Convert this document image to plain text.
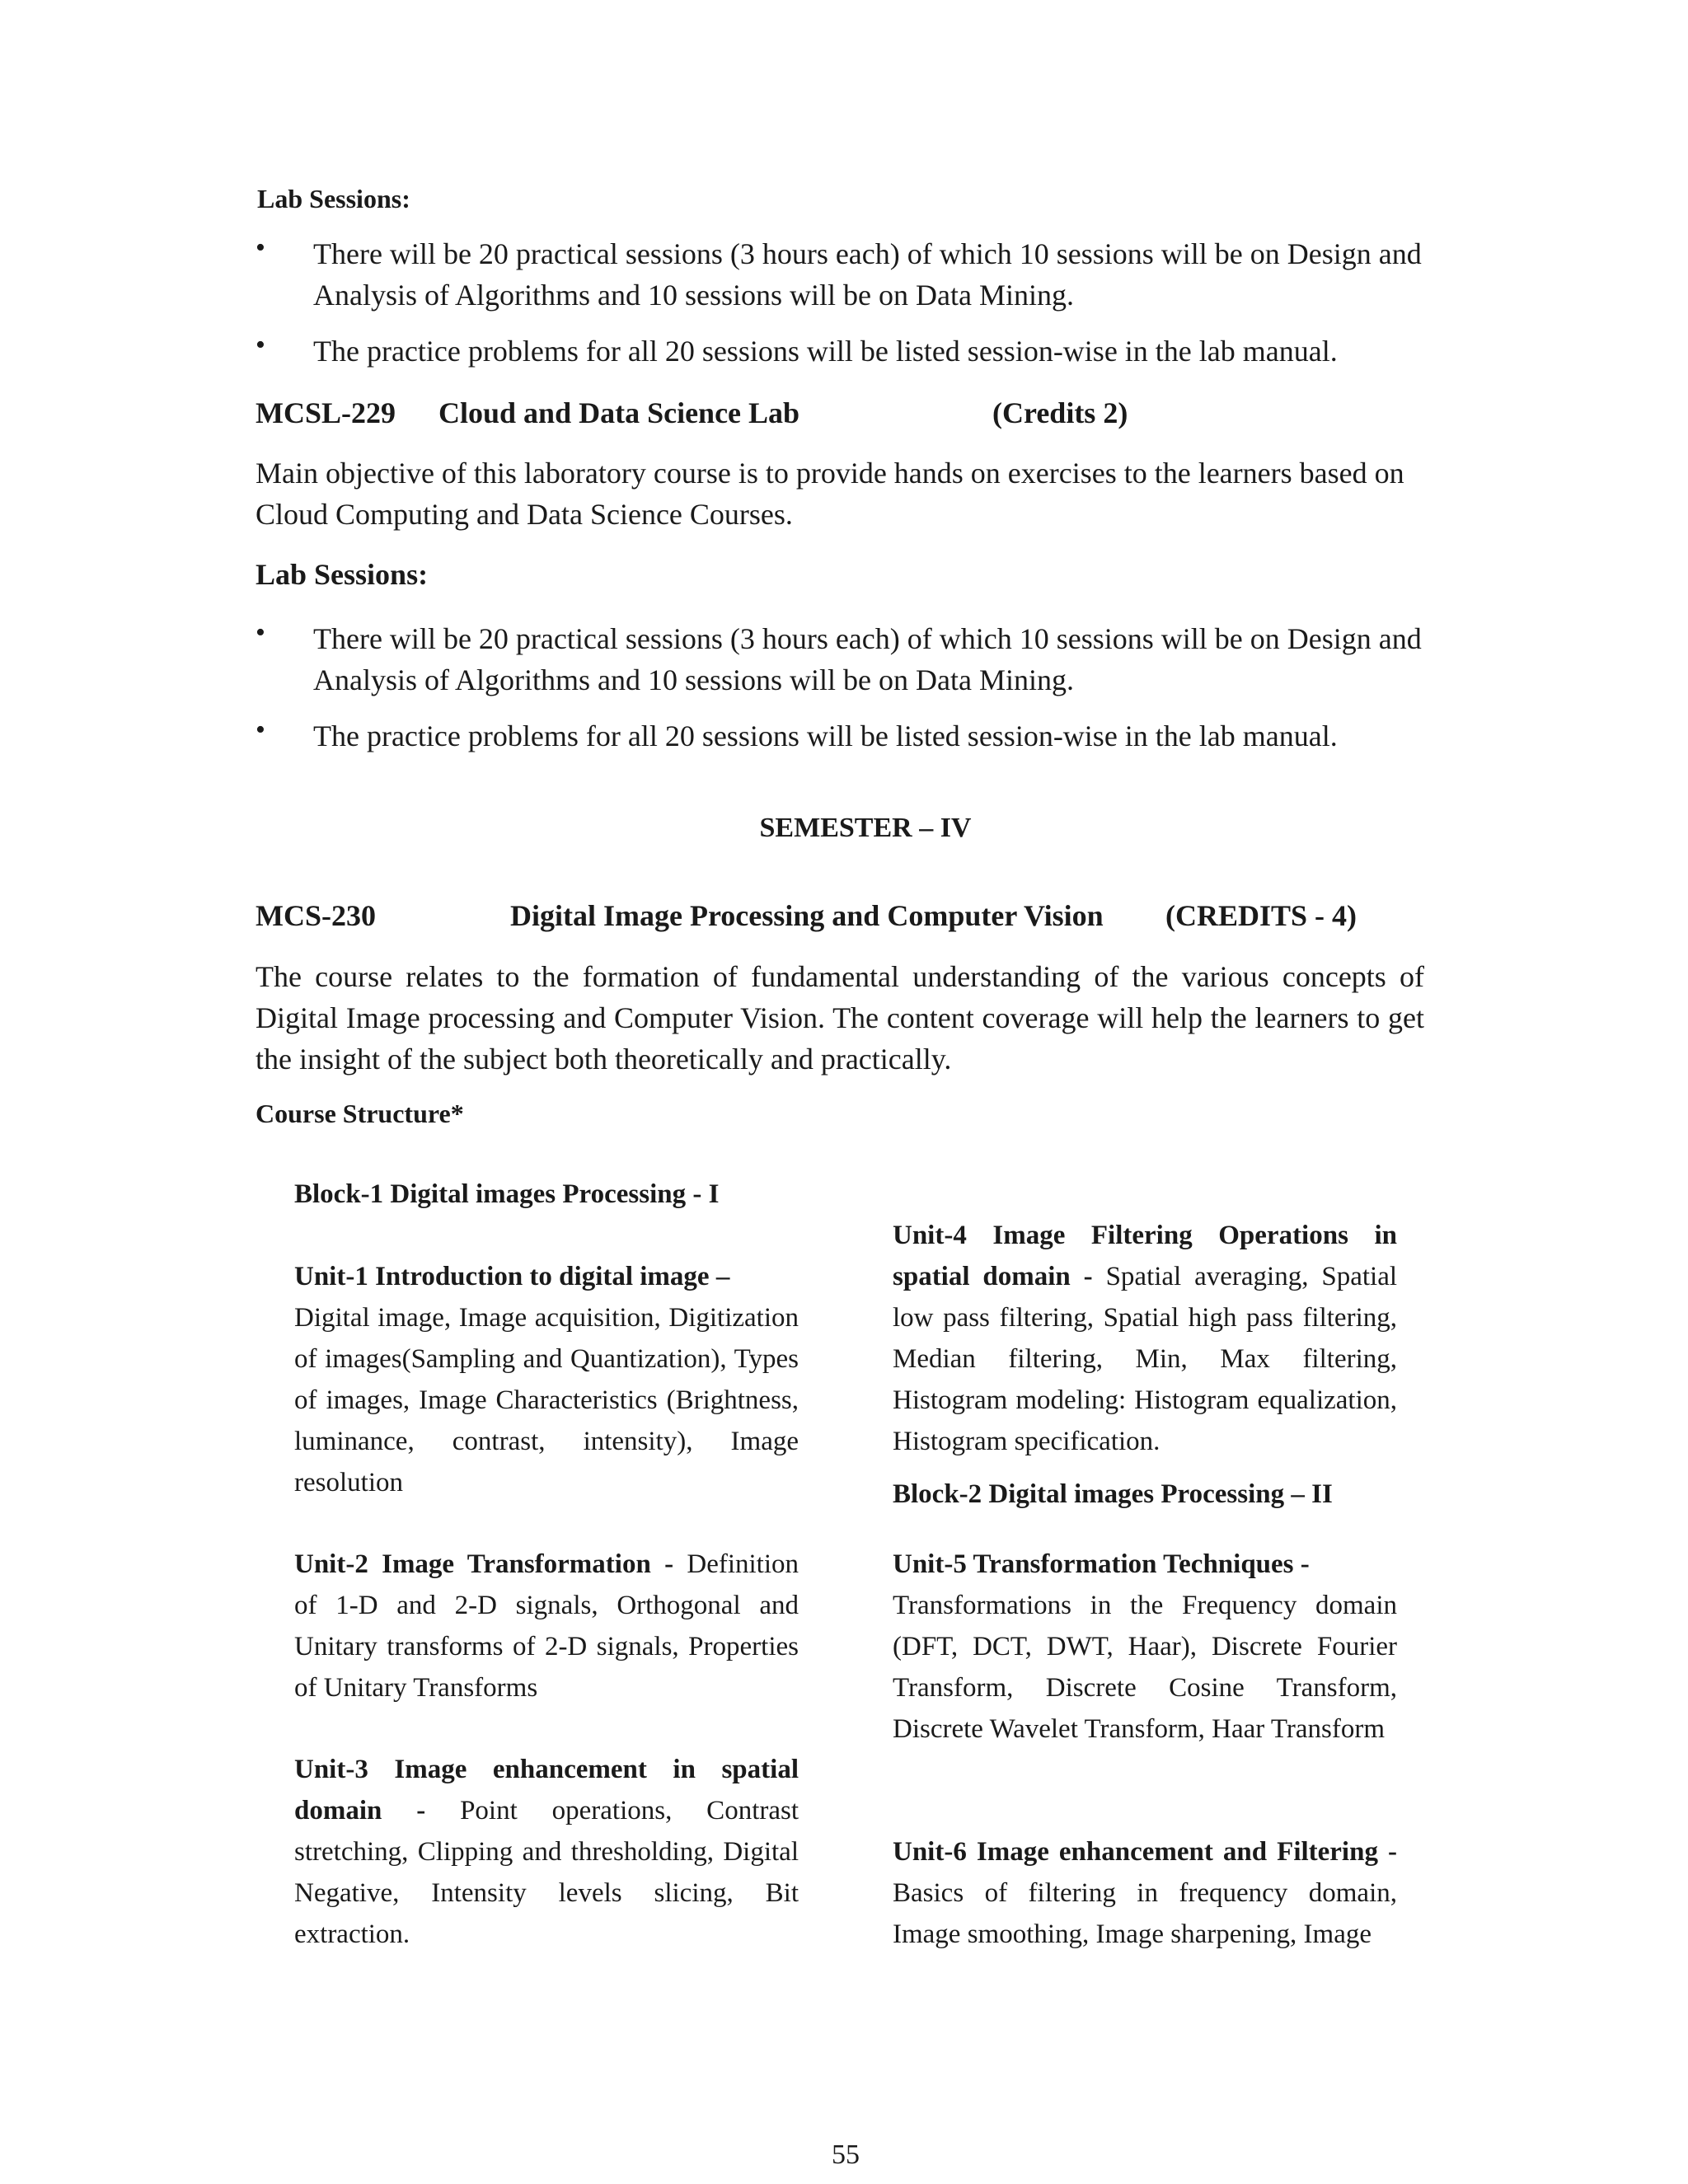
Lab Sessions:
• There will be 20 practical sessions (3 hours each) of which 10 sessions will be on Design and Analysis of Algorithms and 10 sessions will be on Data Mining.
• The practice problems for all 20 sessions will be listed session-wise in the lab manual.
MCSL-229 Cloud and Data Science Lab	(Credits 2)
Main objective of this laboratory course is to provide hands on exercises to the learners based on Cloud Computing and Data Science Courses.
Lab Sessions:
• There will be 20 practical sessions (3 hours each) of which 10 sessions will be on Design and Analysis of Algorithms and 10 sessions will be on Data Mining.
• The practice problems for all 20 sessions will be listed session-wise in the lab manual.
SEMESTER – IV
MCS-230	Digital Image Processing and Computer Vision (CREDITS - 4)
The course relates to the formation of fundamental understanding of the various concepts of Digital Image processing and Computer Vision. The content coverage will help the learners to get the insight of the subject both theoretically and practically.
Course Structure*
Block-1 Digital images Processing - I

Unit-1 Introduction to digital image –
Digital image, Image acquisition, Digitization of images(Sampling and Quantization), Types of images, Image Characteristics (Brightness, luminance, contrast, intensity), Image resolution

Unit-2 Image Transformation - Definition of 1-D and 2-D signals, Orthogonal and Unitary transforms of 2-D signals, Properties of Unitary Transforms

Unit-3 Image enhancement in spatial domain - Point operations, Contrast stretching, Clipping and thresholding, Digital Negative, Intensity levels slicing, Bit extraction.

Unit-4 Image Filtering Operations in spatial domain - Spatial averaging, Spatial low pass filtering, Spatial high pass filtering, Median filtering, Min, Max filtering, Histogram modeling: Histogram equalization, Histogram specification.

Block-2 Digital images Processing – II

Unit-5 Transformation Techniques -
Transformations in the Frequency domain (DFT, DCT, DWT, Haar), Discrete Fourier Transform, Discrete Cosine Transform, Discrete Wavelet Transform, Haar Transform

Unit-6 Image enhancement and Filtering - Basics of filtering in frequency domain, Image smoothing, Image sharpening, Image

55
